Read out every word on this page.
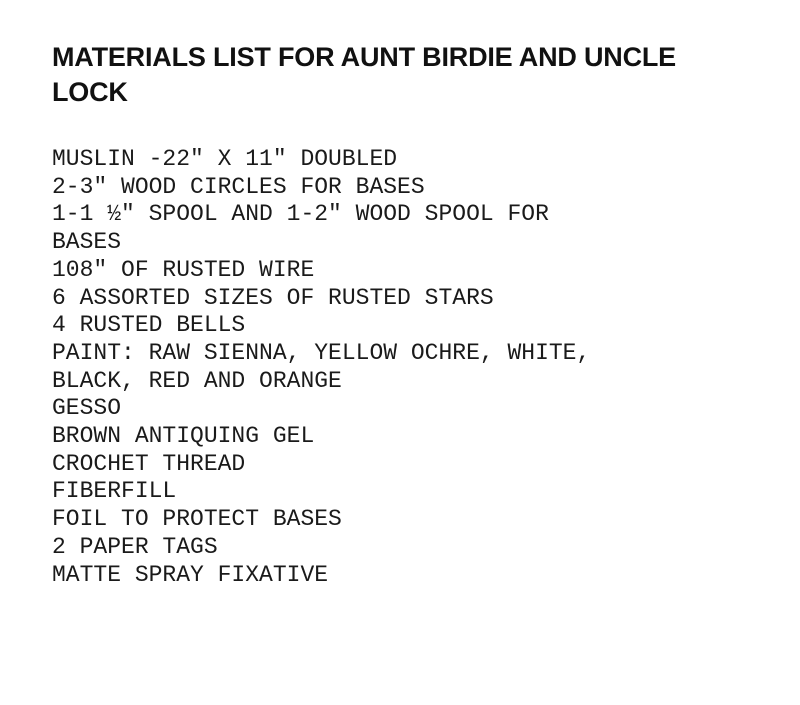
MATERIALS LIST FOR AUNT BIRDIE AND UNCLE
LOCK
MUSLIN -22″ X 11″ DOUBLED
2-3″ WOOD CIRCLES FOR BASES
1-1 ½″ SPOOL AND 1-2″ WOOD SPOOL FOR
BASES
108″ OF RUSTED WIRE
6 ASSORTED SIZES OF RUSTED STARS
4 RUSTED BELLS
PAINT: RAW SIENNA, YELLOW OCHRE, WHITE,
BLACK, RED AND ORANGE
GESSO
BROWN ANTIQUING GEL
CROCHET THREAD
FIBERFILL
FOIL TO PROTECT BASES
2 PAPER TAGS
MATTE SPRAY FIXATIVE
